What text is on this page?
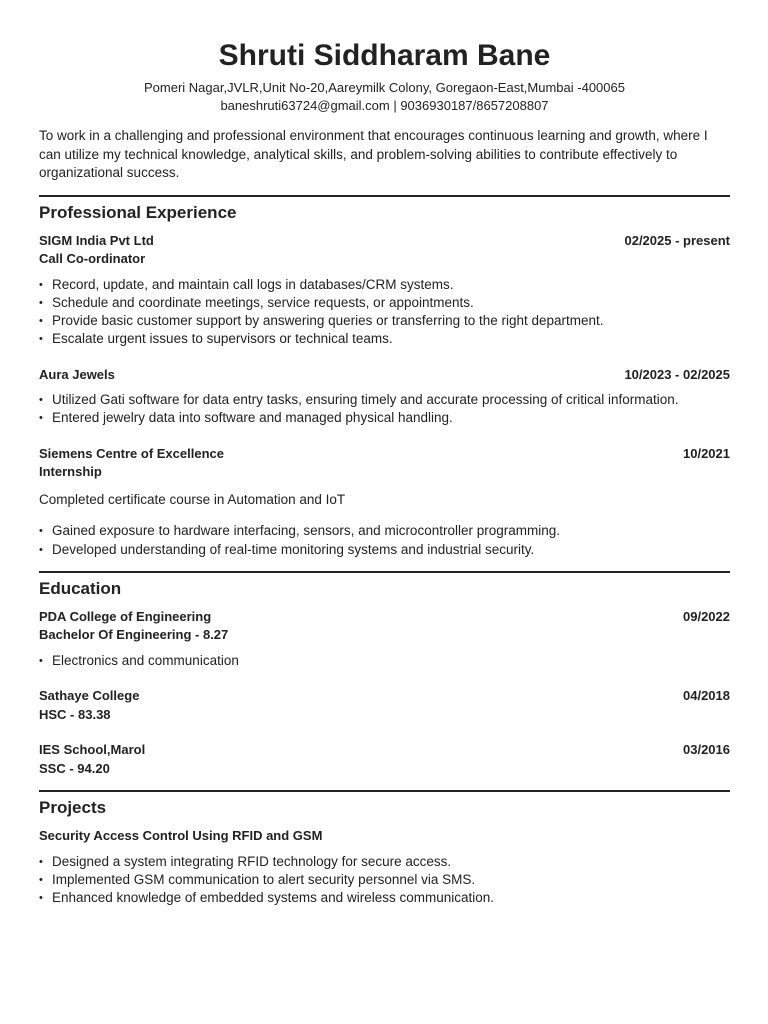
Shruti Siddharam Bane
Pomeri Nagar,JVLR,Unit No-20,Aareymilk Colony, Goregaon-East,Mumbai -400065
baneshruti63724@gmail.com | 9036930187/8657208807

To work in a challenging and professional environment that encourages continuous learning and growth, where I can utilize my technical knowledge, analytical skills, and problem-solving abilities to contribute effectively to organizational success.

Professional Experience
SIGM India Pvt Ltd	02/2025 - present
Call Co-ordinator
• Record, update, and maintain call logs in databases/CRM systems.
• Schedule and coordinate meetings, service requests, or appointments.
• Provide basic customer support by answering queries or transferring to the right department.
• Escalate urgent issues to supervisors or technical teams.
Aura Jewels	10/2023 - 02/2025
• Utilized Gati software for data entry tasks, ensuring timely and accurate processing of critical information.
• Entered jewelry data into software and managed physical handling.
Siemens Centre of Excellence	10/2021
Internship

Completed certificate course in Automation and IoT

• Gained exposure to hardware interfacing, sensors, and microcontroller programming.
• Developed understanding of real-time monitoring systems and industrial security.
Education
PDA College of Engineering	09/2022
Bachelor Of Engineering - 8.27
• Electronics and communication
Sathaye College	04/2018
HSC - 83.38
IES School,Marol	03/2016
SSC - 94.20
Projects
Security Access Control Using RFID and GSM
• Designed a system integrating RFID technology for secure access.
• Implemented GSM communication to alert security personnel via SMS.
• Enhanced knowledge of embedded systems and wireless communication.
